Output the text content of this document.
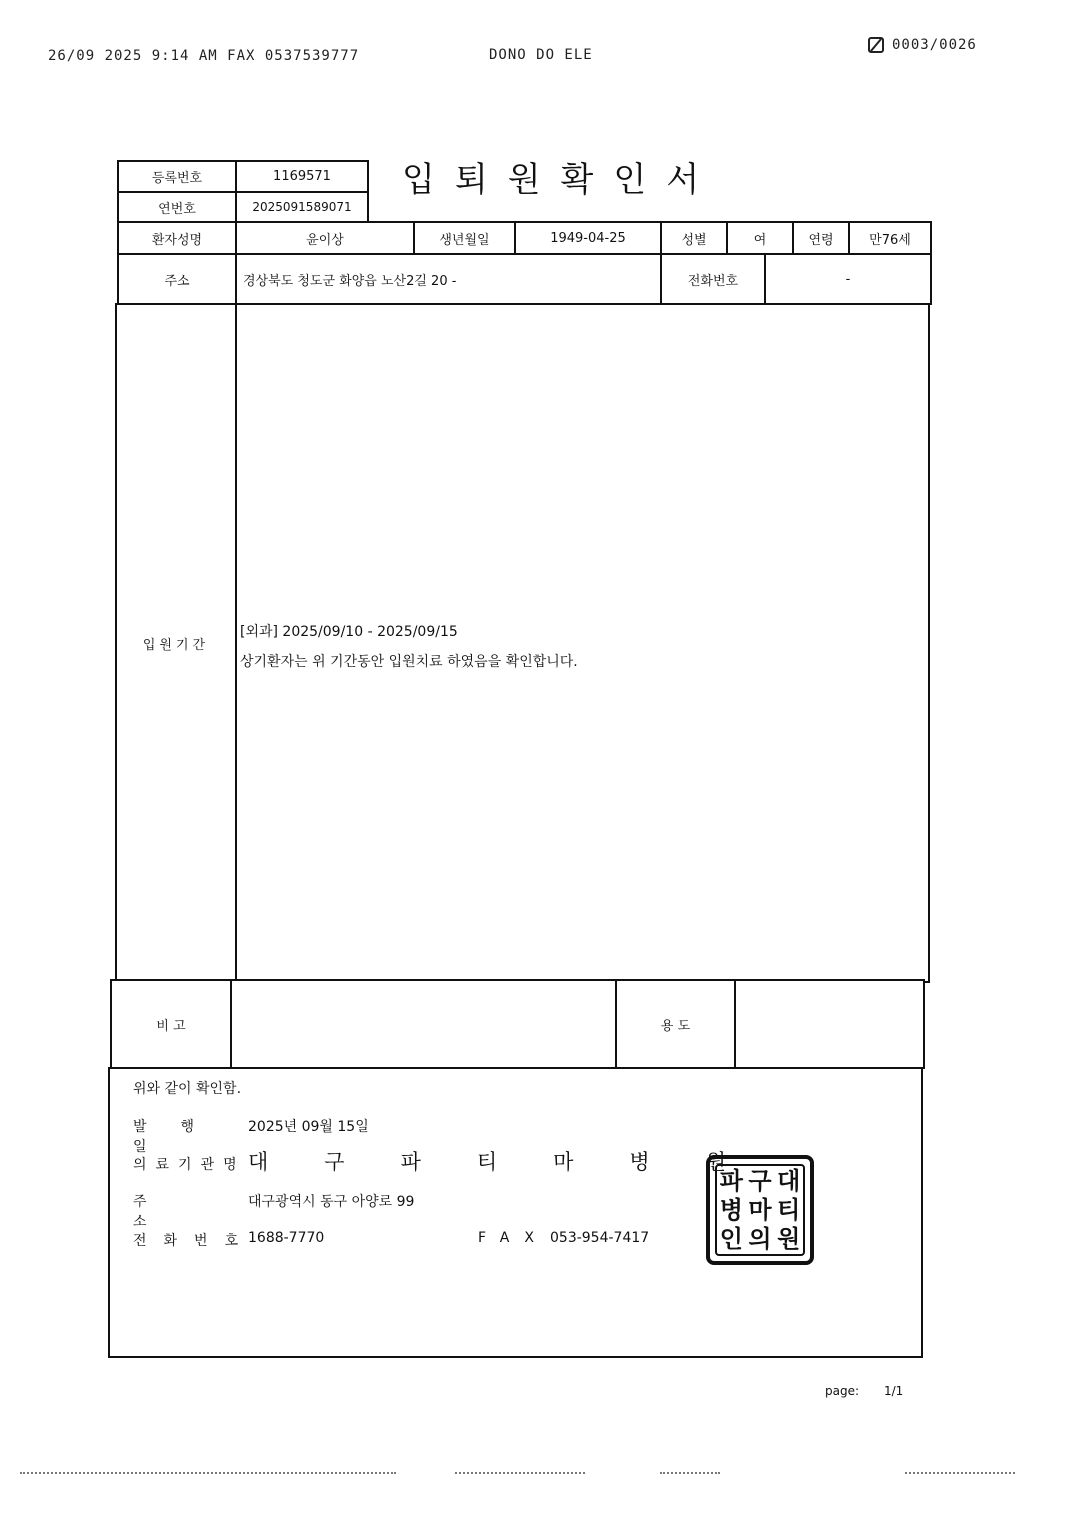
26/09 2025 9:14 AM FAX 0537539777	DONO DO ELE
0003/0026
등록번호	1169571
연번호	2025091589071
입퇴원확인서
환자성명	윤이상	생년월일	1949-04-25	성별	여	연령	만76세
주소	경상북도 청도군 화양읍 노산2길 20 -	전화번호	-
입원기간
[외과] 2025/09/10 - 2025/09/15
상기환자는 위 기간동안 입원치료 하였음을 확인합니다.
비 고	용 도
위와 같이 확인함.
발행일
2025년 09월 15일
의료기관명 대구파티마병원
주소
대구광역시 동구 아양로 99
전화번호
1688-7770	FAX 053-954-7417
파 구 대
병 마 티
인 의 원
page: 1/1
